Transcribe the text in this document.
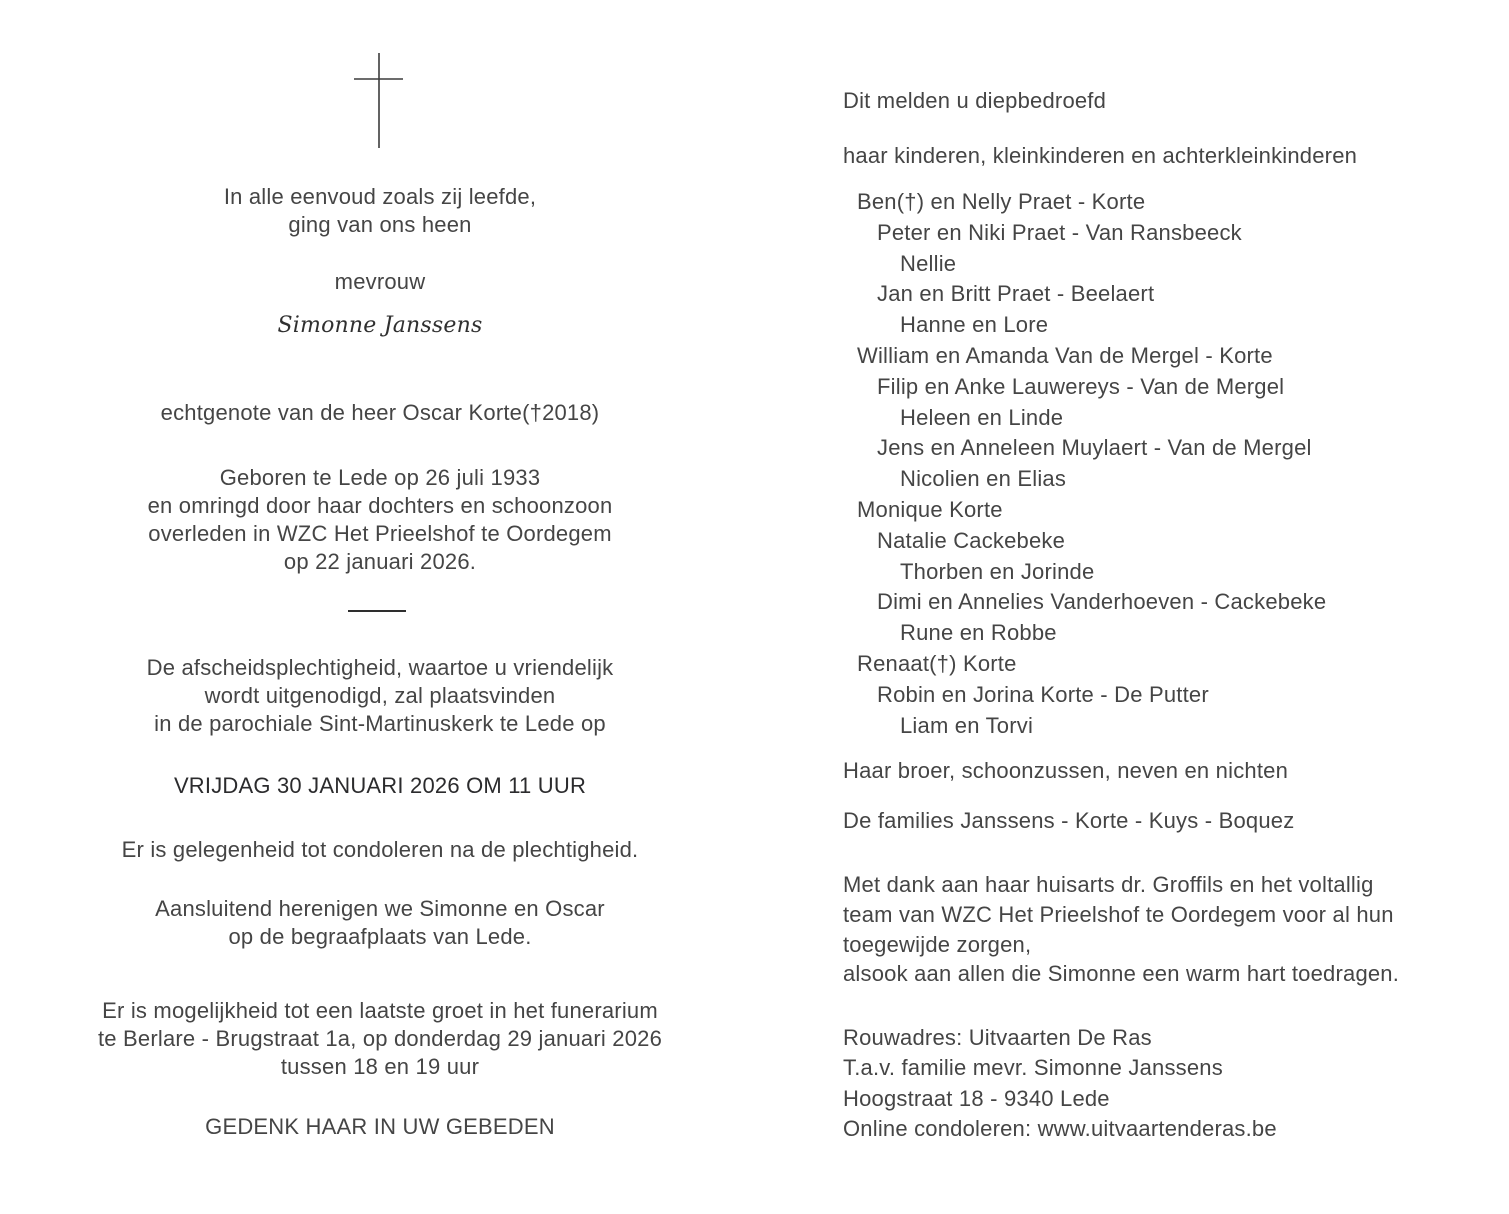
In alle eenvoud zoals zij leefde,
ging van ons heen
mevrouw
Simonne Janssens
echtgenote van de heer Oscar Korte(†2018)
Geboren te Lede op 26 juli 1933
en omringd door haar dochters en schoonzoon
overleden in WZC Het Prieelshof te Oordegem
op 22 januari 2026.
De afscheidsplechtigheid, waartoe u vriendelijk
wordt uitgenodigd, zal plaatsvinden
in de parochiale Sint-Martinuskerk te Lede op
VRIJDAG 30 JANUARI 2026 OM 11 UUR
Er is gelegenheid tot condoleren na de plechtigheid.
Aansluitend herenigen we Simonne en Oscar
op de begraafplaats van Lede.
Er is mogelijkheid tot een laatste groet in het funerarium
te Berlare - Brugstraat 1a, op donderdag 29 januari 2026
tussen 18 en 19 uur
GEDENK HAAR IN UW GEBEDEN
Dit melden u diepbedroefd
haar kinderen, kleinkinderen en achterkleinkinderen
Ben(†) en Nelly Praet - Korte
Peter en Niki Praet - Van Ransbeeck
Nellie
Jan en Britt Praet - Beelaert
Hanne en Lore
William en Amanda Van de Mergel - Korte
Filip en Anke Lauwereys - Van de Mergel
Heleen en Linde
Jens en Anneleen Muylaert - Van de Mergel
Nicolien en Elias
Monique Korte
Natalie Cackebeke
Thorben en Jorinde
Dimi en Annelies Vanderhoeven - Cackebeke
Rune en Robbe
Renaat(†) Korte
Robin en Jorina Korte - De Putter
Liam en Torvi
Haar broer, schoonzussen, neven en nichten
De families Janssens - Korte - Kuys - Boquez
Met dank aan haar huisarts dr. Groffils en het voltallig
team van WZC Het Prieelshof te Oordegem voor al hun
toegewijde zorgen,
alsook aan allen die Simonne een warm hart toedragen.
Rouwadres: Uitvaarten De Ras
T.a.v. familie mevr. Simonne Janssens
Hoogstraat 18 - 9340 Lede
Online condoleren: www.uitvaartenderas.be
